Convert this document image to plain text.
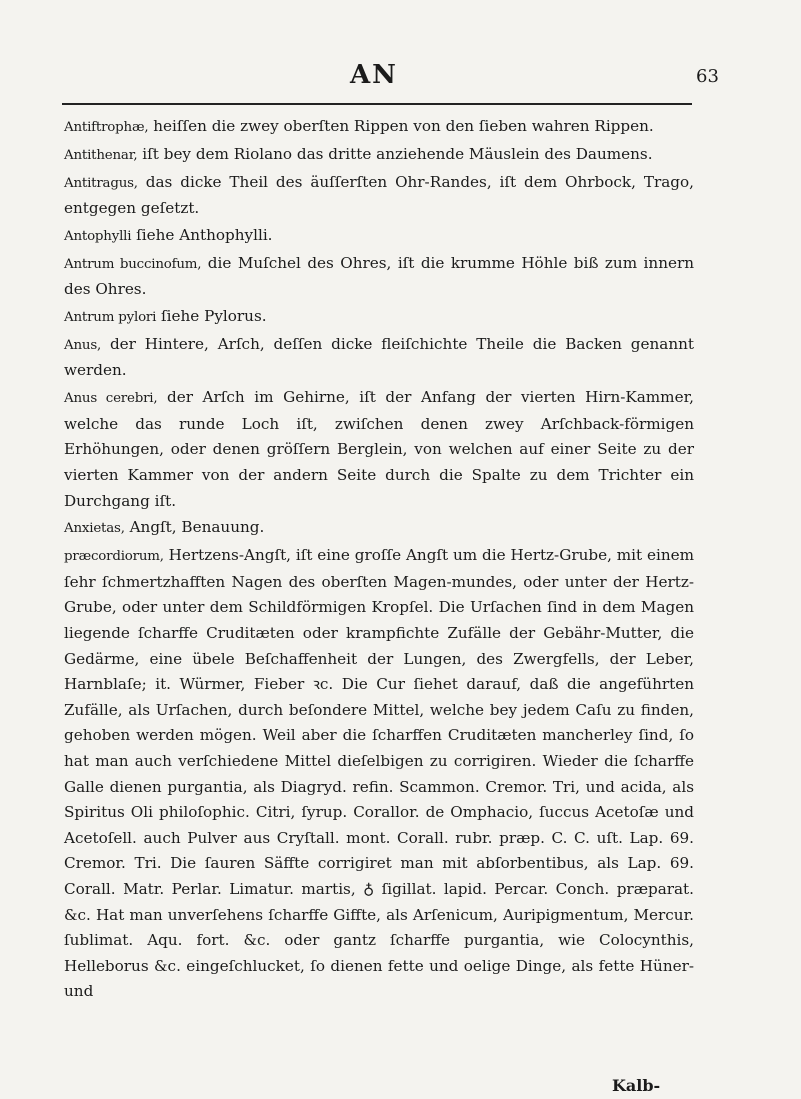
AN	63
Antiftrophæ, heiſſen die zwey oberſten Rippen von den ſieben wahren Rippen.
Antithenar, iſt bey dem Riolano das dritte anziehende Mäuslein des Daumens.
Antitragus, das dicke Theil des äuſſerſten Ohr-Randes, iſt dem Ohrbock, Trago, entgegen geſetzt.
Antophylli ſiehe Anthophylli.
Antrum buccinofum, die Muſchel des Ohres, iſt die krumme Höhle biß zum innern des Ohres.
Antrum pylori ſiehe Pylorus.
Anus, der Hintere, Arſch, deſſen dicke fleiſchichte Theile die Backen genannt werden.
Anus cerebri, der Arſch im Gehirne, iſt der Anfang der vierten Hirn-Kammer, welche das runde Loch iſt, zwiſchen denen zwey Arſchback-förmigen Erhöhungen, oder denen gröſſern Berglein, von welchen auf einer Seite zu der vierten Kammer von der andern Seite durch die Spalte zu dem Trichter ein Durchgang iſt.
Anxietas, Angſt, Benauung.
præcordiorum, Hertzens-Angſt, iſt eine groſſe Angſt um die Hertz-Grube, mit einem ſehr ſchmertzhafften Nagen des oberſten Magen-mundes, oder unter der Hertz-Grube, oder unter dem Schildförmigen Kropſel. Die Urſachen ſind in dem Magen liegende ſcharffe Cruditæten oder krampfichte Zufälle der Gebähr-Mutter, die Gedärme, eine übele Beſchaffenheit der Lungen, des Zwergfells, der Leber, Harnblaſe; it. Würmer, Fieber ꝛc. Die Cur ſiehet darauf, daß die angeführten Zufälle, als Urſachen, durch beſondere Mittel, welche bey jedem Caſu zu finden, gehoben werden mögen. Weil aber die ſcharffen Cruditæten mancherley ſind, ſo hat man auch verſchiedene Mittel dieſelbigen zu corrigiren. Wieder die ſcharffe Galle dienen purgantia, als Diagryd. refin. Scammon. Cremor. Tri, und acida, als Spiritus Oli philoſophic. Citri, ſyrup. Corallor. de Omphacio, ſuccus Acetoſæ und Acetoſell. auch Pulver aus Cryſtall. mont. Corall. rubr. præp. C. C. uſt. Lap. 69. Cremor. Tri. Die ſauren Säffte corrigiret man mit abſorbentibus, als Lap. 69. Corall. Matr. Perlar. Limatur. martis, ♁ ſigillat. lapid. Percar. Conch. præparat. &c. Hat man unverſehens ſcharffe Giffte, als Arſenicum, Auripigmentum, Mercur. ſublimat. Aqu. fort. &c. oder gantz ſcharffe purgantia, wie Colocynthis, Helleborus &c. eingeſchlucket, ſo dienen fette und oelige Dinge, als fette Hüner- und
Kalb-
